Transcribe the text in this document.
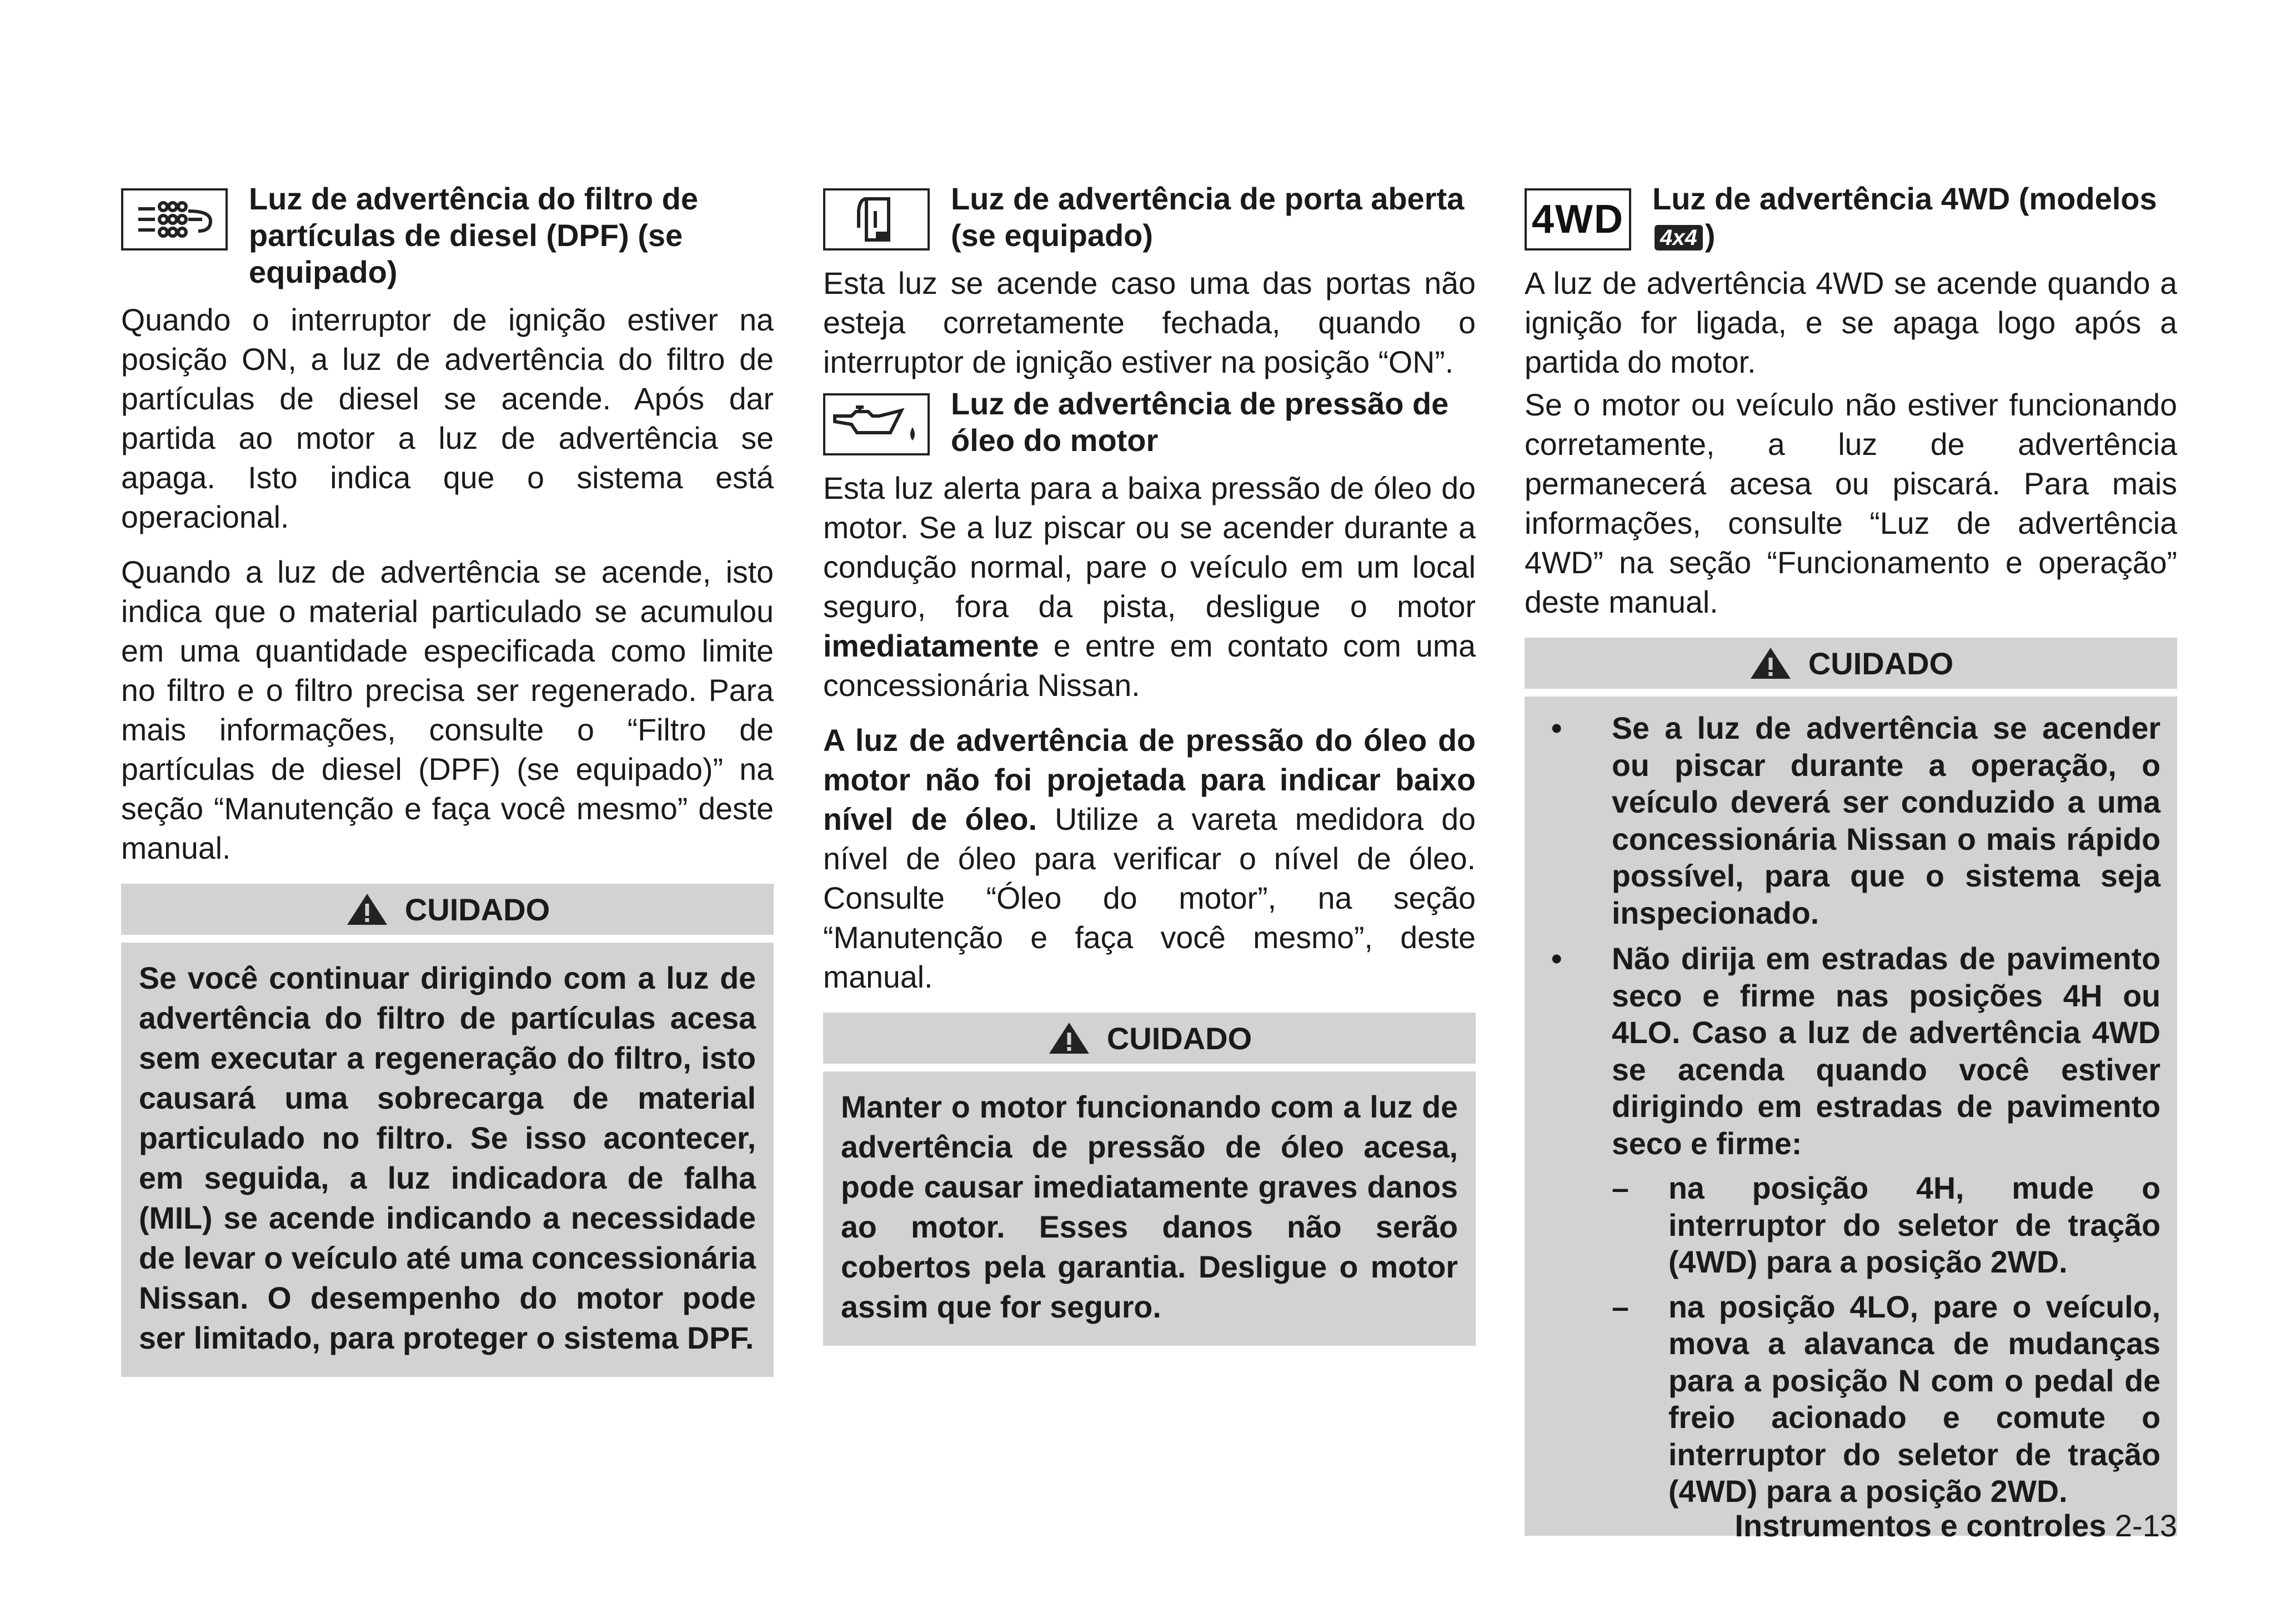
Luz de advertência do filtro de partículas de diesel (DPF) (se equipado)

Quando o interruptor de ignição estiver na posição ON, a luz de advertência do filtro de partículas de diesel se acende. Após dar partida ao motor a luz de advertência se apaga. Isto indica que o sistema está operacional.

Quando a luz de advertência se acende, isto indica que o material particulado se acumulou em uma quantidade especificada como limite no filtro e o filtro precisa ser regenerado. Para mais informações, consulte o “Filtro de partículas de diesel (DPF) (se equipado)” na seção “Manutenção e faça você mesmo” deste manual.

CUIDADO
Se você continuar dirigindo com a luz de advertência do filtro de partículas acesa sem executar a regeneração do filtro, isto causará uma sobrecarga de material particulado no filtro. Se isso acontecer, em seguida, a luz indicadora de falha (MIL) se acende indicando a necessidade de levar o veículo até uma concessionária Nissan. O desempenho do motor pode ser limitado, para proteger o sistema DPF.
Luz de advertência de porta aberta (se equipado)

Esta luz se acende caso uma das portas não esteja corretamente fechada, quando o interruptor de ignição estiver na posição “ON”.

Luz de advertência de pressão de óleo do motor

Esta luz alerta para a baixa pressão de óleo do motor. Se a luz piscar ou se acender durante a condução normal, pare o veículo em um local seguro, fora da pista, desligue o motor imediatamente e entre em contato com uma concessionária Nissan.

A luz de advertência de pressão do óleo do motor não foi projetada para indicar baixo nível de óleo. Utilize a vareta medidora do nível de óleo para verificar o nível de óleo. Consulte “Óleo do motor”, na seção “Manutenção e faça você mesmo”, deste manual.

CUIDADO
Manter o motor funcionando com a luz de advertência de pressão de óleo acesa, pode causar imediatamente graves danos ao motor. Esses danos não serão cobertos pela garantia. Desligue o motor assim que for seguro.
4WD Luz de advertência 4WD (modelos 4x4 )

A luz de advertência 4WD se acende quando a ignição for ligada, e se apaga logo após a partida do motor.

Se o motor ou veículo não estiver funcionando corretamente, a luz de advertência permanecerá acesa ou piscará. Para mais informações, consulte “Luz de advertência 4WD” na seção “Funcionamento e operação” deste manual.

CUIDADO
•	Se a luz de advertência se acender ou piscar durante a operação, o veículo deverá ser conduzido a uma concessionária Nissan o mais rápido possível, para que o sistema seja inspecionado.
•	Não dirija em estradas de pavimento seco e firme nas posições 4H ou 4LO. Caso a luz de advertência 4WD se acenda quando você estiver dirigindo em estradas de pavimento seco e firme:
–	na posição 4H, mude o interruptor do seletor de tração (4WD) para a posição 2WD.
–	na posição 4LO, pare o veículo, mova a alavanca de mudanças para a posição N com o pedal de freio acionado e comute o interruptor do seletor de tração (4WD) para a posição 2WD.
Instrumentos e controles 2-13
